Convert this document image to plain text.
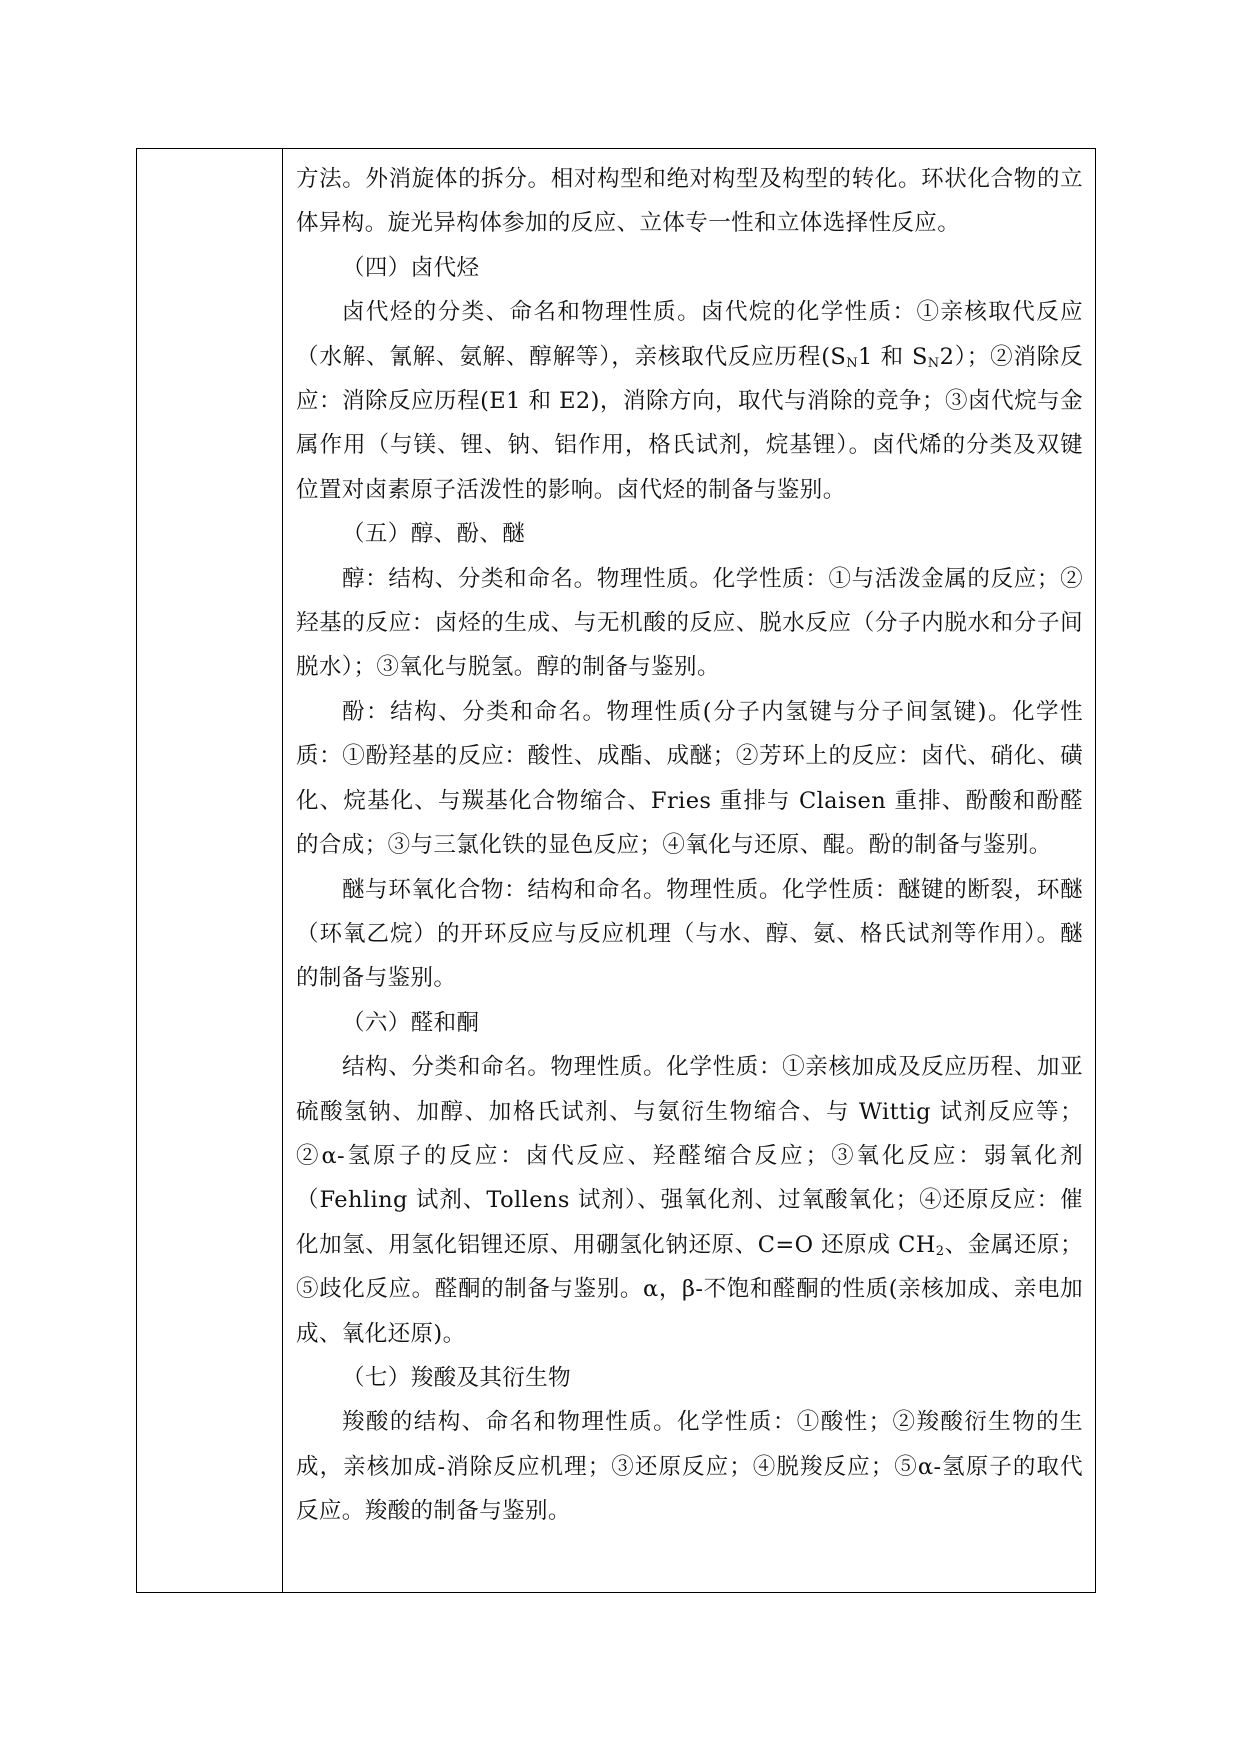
方法。外消旋体的拆分。相对构型和绝对构型及构型的转化。环状化合物的立体异构。旋光异构体参加的反应、立体专一性和立体选择性反应。

（四）卤代烃

卤代烃的分类、命名和物理性质。卤代烷的化学性质：①亲核取代反应（水解、氰解、氨解、醇解等），亲核取代反应历程($S_N1$ 和 $S_N2$）；②消除反应：消除反应历程(E1 和 E2)，消除方向，取代与消除的竞争；③卤代烷与金属作用（与镁、锂、钠、铝作用，格氏试剂，烷基锂）。卤代烯的分类及双键位置对卤素原子活泼性的影响。卤代烃的制备与鉴别。

（五）醇、酚、醚

醇：结构、分类和命名。物理性质。化学性质：①与活泼金属的反应；②羟基的反应：卤烃的生成、与无机酸的反应、脱水反应（分子内脱水和分子间脱水）；③氧化与脱氢。醇的制备与鉴别。

酚：结构、分类和命名。物理性质(分子内氢键与分子间氢键)。化学性质：①酚羟基的反应：酸性、成酯、成醚；②芳环上的反应：卤代、硝化、磺化、烷基化、与羰基化合物缩合、Fries 重排与 Claisen 重排、酚酸和酚醛的合成；③与三氯化铁的显色反应；④氧化与还原、醌。酚的制备与鉴别。

醚与环氧化合物：结构和命名。物理性质。化学性质：醚键的断裂，环醚（环氧乙烷）的开环反应与反应机理（与水、醇、氨、格氏试剂等作用）。醚的制备与鉴别。

（六）醛和酮

结构、分类和命名。物理性质。化学性质：①亲核加成及反应历程、加亚硫酸氢钠、加醇、加格氏试剂、与氨衍生物缩合、与 Wittig 试剂反应等；②α-氢原子的反应：卤代反应、羟醛缩合反应；③氧化反应：弱氧化剂（Fehling 试剂、Tollens 试剂）、强氧化剂、过氧酸氧化；④还原反应：催化加氢、用氢化铝锂还原、用硼氢化钠还原、C=O 还原成 $CH_2$、金属还原；⑤歧化反应。醛酮的制备与鉴别。α，β-不饱和醛酮的性质(亲核加成、亲电加成、氧化还原)。

（七）羧酸及其衍生物

羧酸的结构、命名和物理性质。化学性质：①酸性；②羧酸衍生物的生成，亲核加成-消除反应机理；③还原反应；④脱羧反应；⑤α-氢原子的取代反应。羧酸的制备与鉴别。
